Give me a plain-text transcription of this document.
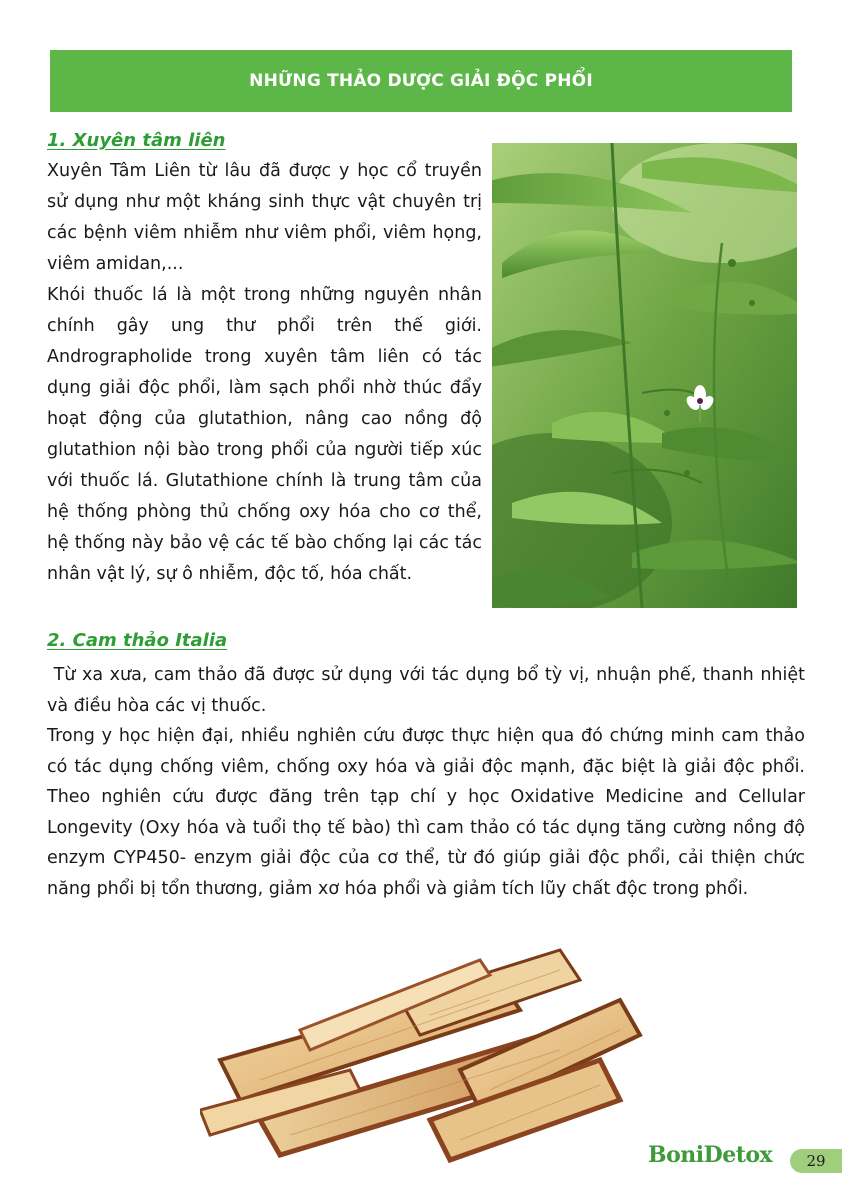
NHỮNG THẢO DƯỢC GIẢI ĐỘC PHỔI
1. Xuyên tâm liên

Xuyên Tâm Liên từ lâu đã được y học cổ truyền sử dụng như một kháng sinh thực vật chuyên trị các bệnh viêm nhiễm như viêm phổi, viêm họng, viêm amidan,...

Khói thuốc lá là một trong những nguyên nhân chính gây ung thư phổi trên thế giới. Andrographolide trong xuyên tâm liên có tác dụng giải độc phổi, làm sạch phổi nhờ thúc đẩy hoạt động của glutathion, nâng cao nồng độ glutathion nội bào trong phổi của người tiếp xúc với thuốc lá. Glutathione chính là trung tâm của hệ thống phòng thủ chống oxy hóa cho cơ thể, hệ thống này bảo vệ các tế bào chống lại các tác nhân vật lý, sự ô nhiễm, độc tố, hóa chất.

2. Cam thảo Italia

Từ xa xưa, cam thảo đã được sử dụng với tác dụng bổ tỳ vị, nhuận phế, thanh nhiệt và điều hòa các vị thuốc.

Trong y học hiện đại, nhiều nghiên cứu được thực hiện qua đó chứng minh cam thảo có tác dụng chống viêm, chống oxy hóa và giải độc mạnh, đặc biệt là giải độc phổi. Theo nghiên cứu được đăng trên tạp chí y học Oxidative Medicine and Cellular Longevity (Oxy hóa và tuổi thọ tế bào) thì cam thảo có tác dụng tăng cường nồng độ enzym CYP450- enzym giải độc của cơ thể, từ đó giúp giải độc phổi, cải thiện chức năng phổi bị tổn thương, giảm xơ hóa phổi và giảm tích lũy chất độc trong phổi.

BoniDetox 29
